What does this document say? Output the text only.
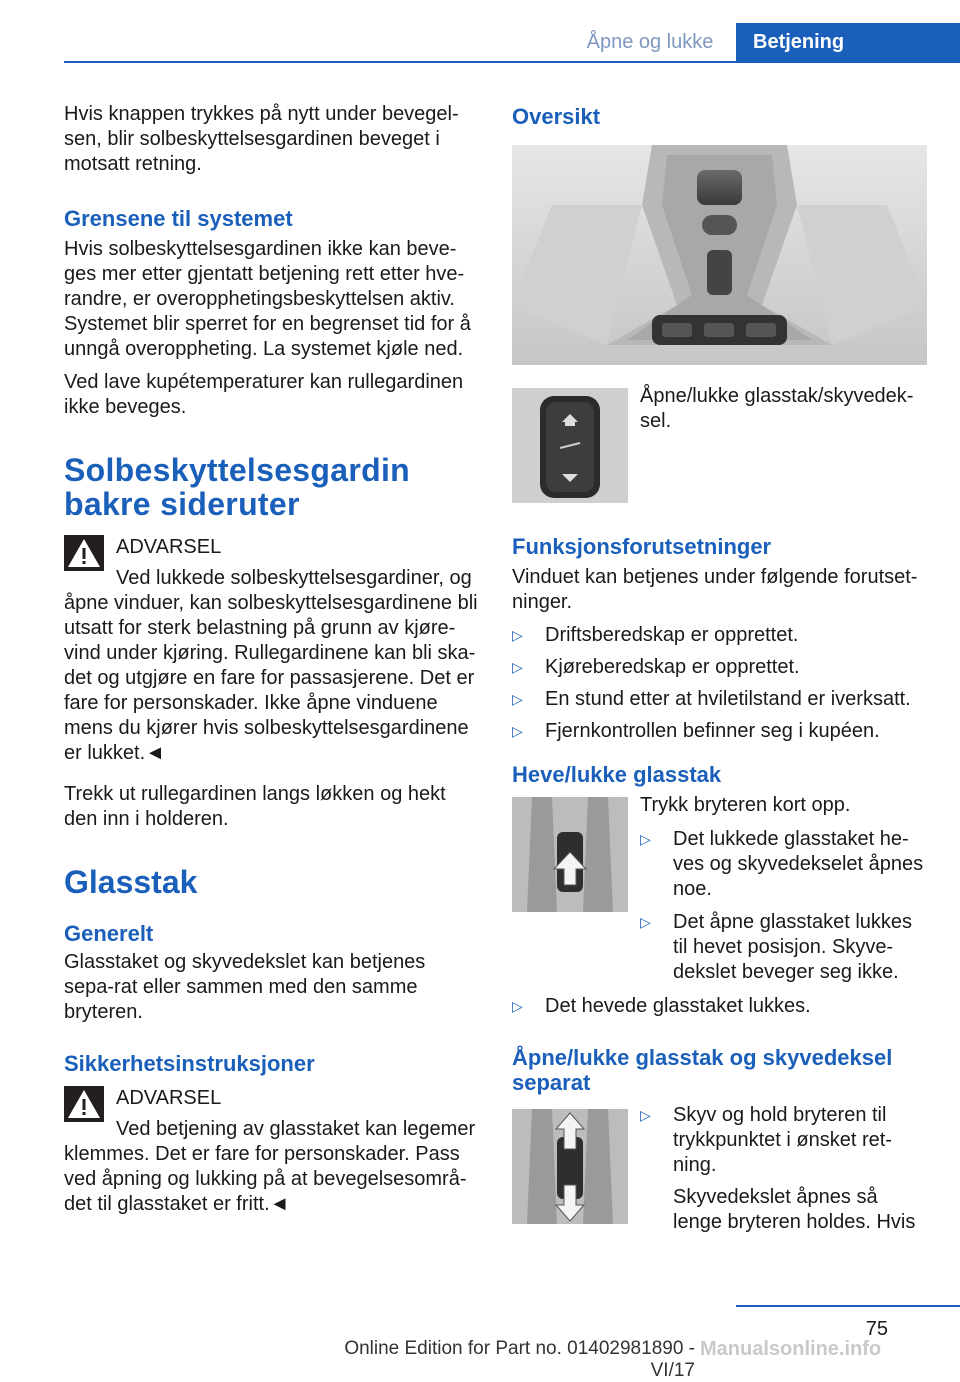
Åpne og lukke	Betjening

Hvis knappen trykkes på nytt under bevegel-sen, blir solbeskyttelsesgardinen beveget i motsatt retning.

Grensene til systemet

Hvis solbeskyttelsesgardinen ikke kan beve-ges mer etter gjentatt betjening rett etter hve-randre, er overopphetingsbeskyttelsen aktiv. Systemet blir sperret for en begrenset tid for å unngå overoppheting. La systemet kjøle ned.

Ved lave kupétemperaturer kan rullegardinen ikke beveges.

Solbeskyttelsesgardin bakre sideruter
ADVARSEL
Ved lukkede solbeskyttelsesgardiner, og

åpne vinduer, kan solbeskyttelsesgardinene bli utsatt for sterk belastning på grunn av kjøre-vind under kjøring. Rullegardinene kan bli ska-det og utgjøre en fare for passasjerene. Det er fare for personskader. Ikke åpne vinduene mens du kjører hvis solbeskyttelsesgardinene er lukket.◄

Trekk ut rullegardinen langs løkken og hekt den inn i holderen.

Glasstak
Generelt

Glasstaket og skyvedekslet kan betjenes sepa-rat eller sammen med den samme bryteren.

Sikkerhetsinstruksjoner
ADVARSEL
Ved betjening av glasstaket kan legemer

klemmes. Det er fare for personskader. Pass ved åpning og lukking på at bevegelsesområ-det til glasstaket er fritt.◄

Oversikt

Åpne/lukke glasstak/skyvedek-sel.

Funksjonsforutsetninger

Vinduet kan betjenes under følgende forutset-ninger.

▷ Driftsberedskap er opprettet.
▷ Kjøreberedskap er opprettet.
▷ En stund etter at hviletilstand er iverksatt.
▷ Fjernkontrollen befinner seg i kupéen.
Heve/lukke glasstak

Trykk bryteren kort opp.

▷ Det lukkede glasstaket he-ves og skyvedekselet åpnes noe.
▷ Det åpne glasstaket lukkes til hevet posisjon. Skyve-dekslet beveger seg ikke.
▷ Det hevede glasstaket lukkes.
Åpne/lukke glasstak og skyvedeksel separat
▷ Skyv og hold bryteren til trykkpunktet i ønsket ret-ning.

Skyvedekslet åpnes så lenge bryteren holdes. Hvis

75
Online Edition for Part no. 01402981890 - VI/17
Manualsonline.info
